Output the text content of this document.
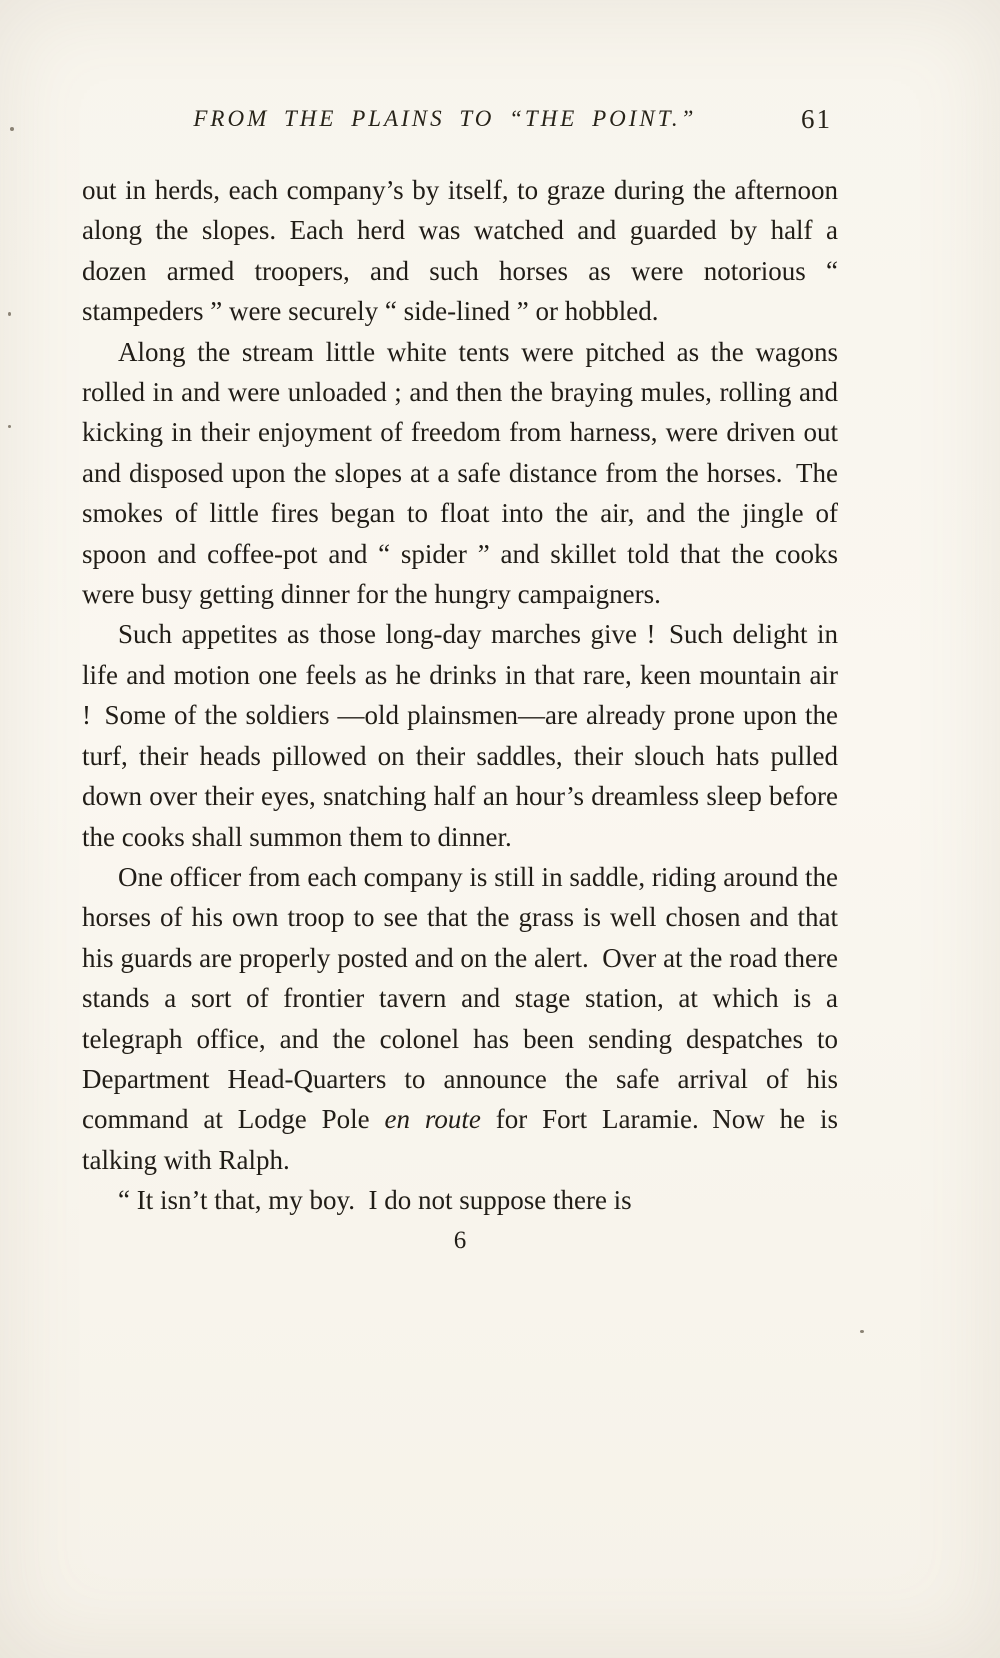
FROM THE PLAINS TO “THE POINT.”	61

out in herds, each company’s by itself, to graze during the afternoon along the slopes. Each herd was watched and guarded by half a dozen armed troopers, and such horses as were notorious “ stampeders ” were securely “ side-lined ” or hobbled.

Along the stream little white tents were pitched as the wagons rolled in and were unloaded ; and then the braying mules, rolling and kicking in their enjoyment of freedom from harness, were driven out and disposed upon the slopes at a safe distance from the horses. The smokes of little fires began to float into the air, and the jingle of spoon and coffee-pot and “ spider ” and skillet told that the cooks were busy getting dinner for the hungry campaigners.

Such appetites as those long-day marches give ! Such delight in life and motion one feels as he drinks in that rare, keen mountain air ! Some of the soldiers —old plainsmen—are already prone upon the turf, their heads pillowed on their saddles, their slouch hats pulled down over their eyes, snatching half an hour’s dreamless sleep before the cooks shall summon them to dinner.

One officer from each company is still in saddle, riding around the horses of his own troop to see that the grass is well chosen and that his guards are properly posted and on the alert. Over at the road there stands a sort of frontier tavern and stage station, at which is a telegraph office, and the colonel has been sending despatches to Department Head-Quarters to announce the safe arrival of his command at Lodge Pole en route for Fort Laramie. Now he is talking with Ralph.

“ It isn’t that, my boy. I do not suppose there is

6
